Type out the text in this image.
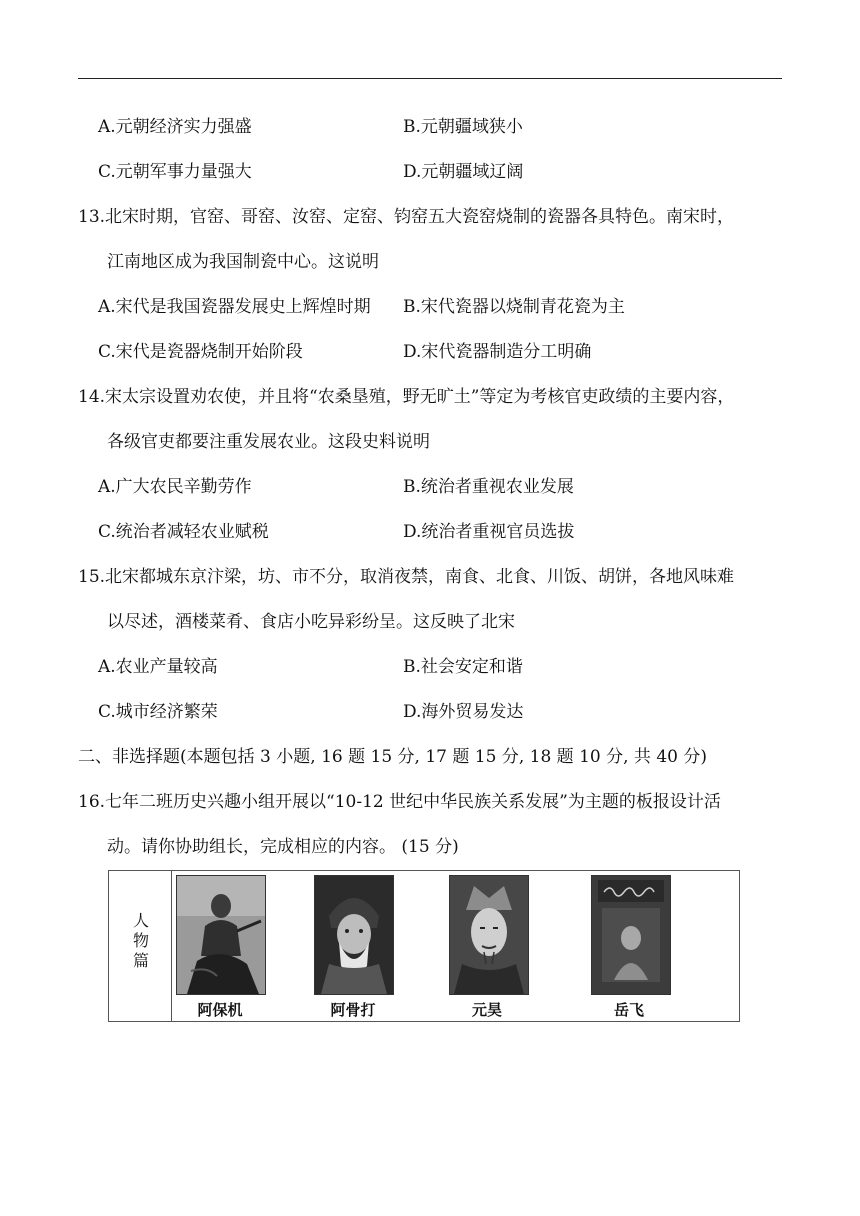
A.元朝经济实力强盛	B.元朝疆域狭小
C.元朝军事力量强大	D.元朝疆域辽阔
13.北宋时期，官窑、哥窑、汝窑、定窑、钧窑五大瓷窑烧制的瓷器各具特色。南宋时，
江南地区成为我国制瓷中心。这说明
A.宋代是我国瓷器发展史上辉煌时期 B.宋代瓷器以烧制青花瓷为主
C.宋代是瓷器烧制开始阶段	D.宋代瓷器制造分工明确
14.宋太宗设置劝农使，并且将“农桑垦殖，野无旷土”等定为考核官吏政绩的主要内容，
各级官吏都要注重发展农业。这段史料说明
A.广大农民辛勤劳作	B.统治者重视农业发展
C.统治者减轻农业赋税	D.统治者重视官员选拔
15.北宋都城东京汴梁，坊、市不分，取消夜禁，南食、北食、川饭、胡饼，各地风味难
以尽述，酒楼菜肴、食店小吃异彩纷呈。这反映了北宋
A.农业产量较高	B.社会安定和谐
C.城市经济繁荣	D.海外贸易发达
二、非选择题(本题包括 3 小题, 16 题 15 分, 17 题 15 分, 18 题 10 分, 共 40 分)
16.七年二班历史兴趣小组开展以“10-12 世纪中华民族关系发展”为主题的板报设计活
动。请你协助组长，完成相应的内容。 (15 分)
人
物
篇
阿保机	阿骨打	元昊	岳飞
